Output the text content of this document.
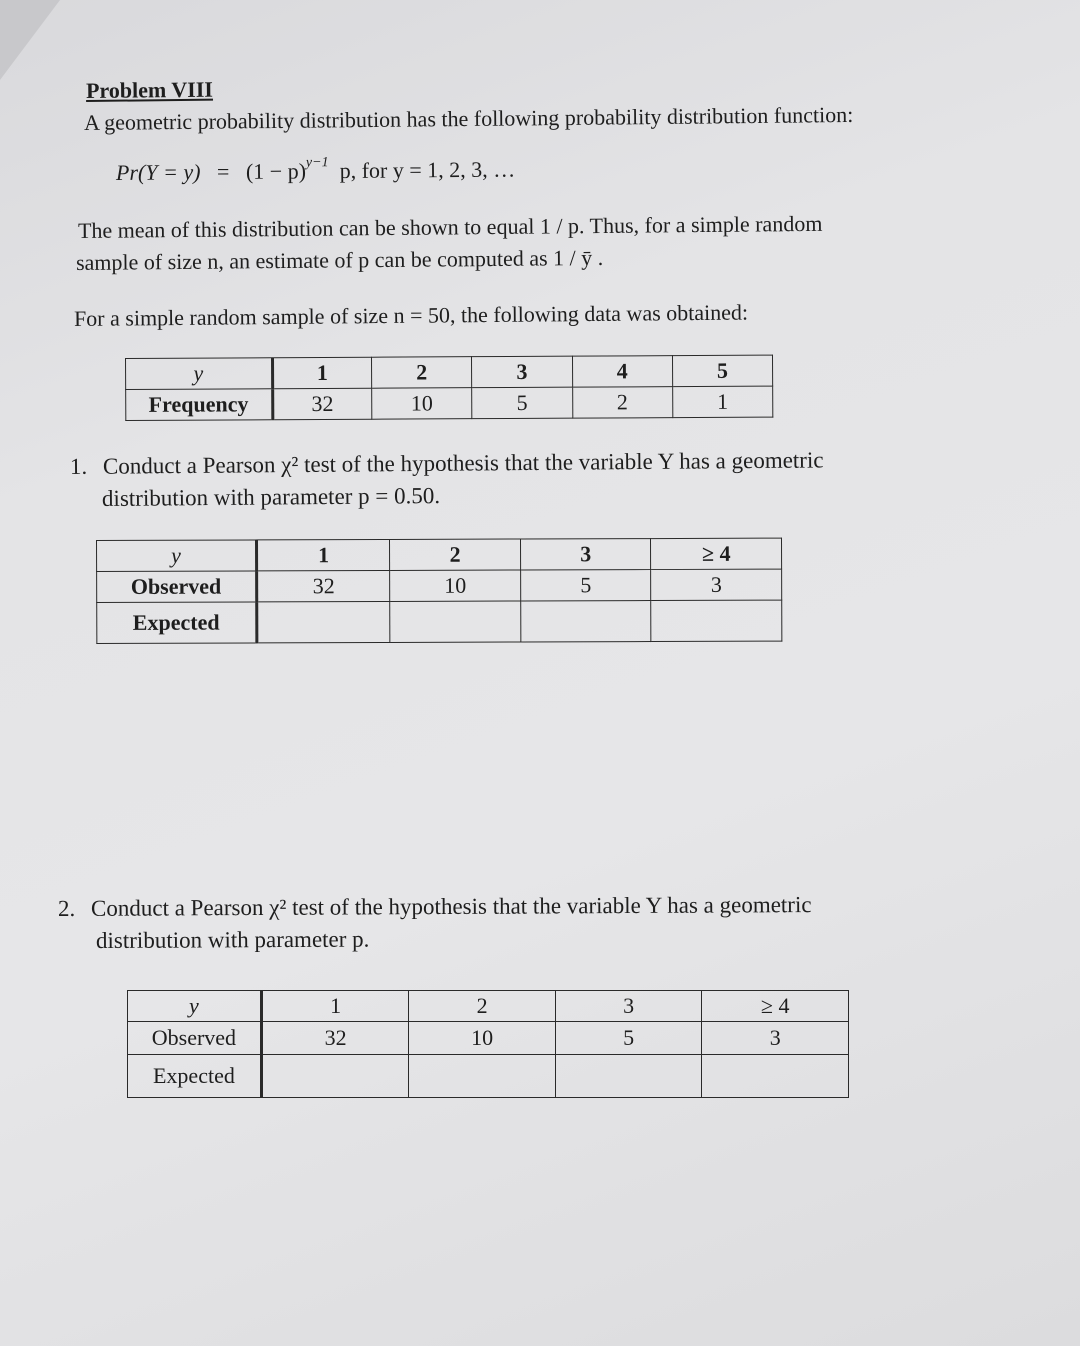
Problem VIII
A geometric probability distribution has the following probability distribution function:
$Pr(Y = y) = (1 - p)^{y-1}$ p, for y = 1, 2, 3, …
The mean of this distribution can be shown to equal 1 / p. Thus, for a simple random
sample of size n, an estimate of p can be computed as 1 / ȳ .
For a simple random sample of size n = 50, the following data was obtained:
y	1	2	3	4	5
Frequency	32	10	5	2	1
1. Conduct a Pearson χ² test of the hypothesis that the variable Y has a geometric
distribution with parameter p = 0.50.
y	1	2	3	≥ 4
Observed	32	10	5	3
Expected				
2. Conduct a Pearson χ² test of the hypothesis that the variable Y has a geometric
distribution with parameter p.
y	1	2	3	≥ 4
Observed	32	10	5	3
Expected				
